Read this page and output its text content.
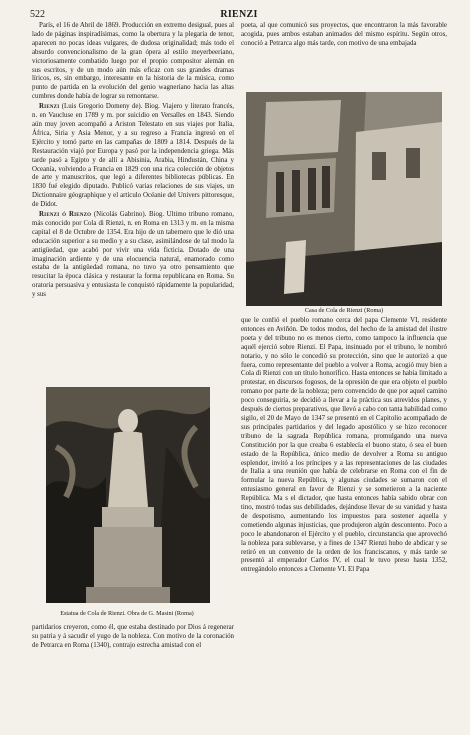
522	RIENZI

París, el 16 de Abril de 1869. Producción en extremo desigual, pues al lado de páginas inspiradísimas, como la obertura y la plegaria de tenor, aparecen no pocas ideas vulgares, de dudosa originalidad; más todo el absurdo convencionalismo de la gran ópera al estilo meyerbeeriano, victoriosamente combatido luego por el propio compositor alemán en sus escritos, y de un modo aún más eficaz con sus grandes dramas líricos, es, sin embargo, interesante en la historia de la música, como punto de partida en la evolución del genio wagneriano hacia las altas cumbres donde había de lograr su remontarse.

Rienzi (Luis Gregorio Domeny de). Biog. Viajero y literato francés, n. en Vaucluse en 1789 y m. por suicidio en Versalles en 1843. Siendo aún muy joven acompañó a Ariston Telestato en sus viajes por Italia, África, Siria y Asia Menor, y a su regreso a Francia ingresó en el Ejército y tomó parte en las campañas de 1809 a 1814. Después de la Restauración viajó por Europa y pasó por la independencia griega. Más tarde pasó a Egipto y de allí a Abisinia, Arabia, Hindustán, China y Oceanía, volviendo a Francia en 1829 con una rica colección de objetos de arte y manuscritos, que legó a diferentes bibliotecas públicas. En 1830 fué elegido diputado. Publicó varias relaciones de sus viajes, un Dictionnaire géographique y el artículo Océanie del Univers pittoresque, de Didot.

Rienzi ó Rienzo (Nicolás Gabrino). Biog. Ultimo tribuno romano, más conocido por Cola di Rienzi, n. en Roma en 1313 y m. en la misma capital el 8 de Octubre de 1354. Era hijo de un tabernero que le dió una educación superior a su medio y a su clase, asimilándose de tal modo la antigüedad, que acabó por vivir una vida ficticia. Dotado de una imaginación ardiente y de una elocuencia natural, enamorado como estaba de la antigüedad romana, no tuvo ya otro pensamiento que resucitar la época clásica y restaurar la forma republicana en Roma. Su oratoria persuasiva y entusiasta le conquistó rápidamente la popularidad, y sus

poeta, al que comunicó sus proyectos, que encontraron la más favorable acogida, pues ambos estaban animados del mismo espíritu. Según otros, conoció a Petrarca algo más tarde, con motivo de una embajada
Casa de Cola de Rienzi (Roma)

que le confió el pueblo romano cerca del papa Clemente VI, residente entonces en Aviñón. De todos modos, del hecho de la amistad del ilustre poeta y del tribuno no es menos cierto, como tampoco la influencia que aquél ejerció sobre Rienzi. El Papa, insinuado por el tribuno, le nombró notario, y no sólo le concedió su protección, sino que le autorizó a que fuera, como representante del pueblo a volver a Roma, acogió muy bien a Cola di Rienzi con un título honorífico. Hasta entonces se había limitado a protestar, en discursos fogosos, de la opresión de que era objeto el pueblo romano por parte de la nobleza; pero convencido de que por aquel camino poco conseguiría, se decidió a llevar a la práctica sus atrevidos planes, y después de ciertos preparativos, que llevó a cabo con tanta habilidad como sigilo, el 20 de Mayo de 1347 se presentó en el Capitolio acompañado de sus principales partidarios y del legado apostólico y se hizo reconocer tribuno de la sagrada República romana, promulgando una nueva Constitución por la que creaba 6 establecía el buono stato, ó sea el buen estado de la República, único medio de devolver a Roma su antiguo esplendor, invitó a los príncipes y a las representaciones de las ciudades de Italia a una reunión que había de celebrarse en Roma con el fin de formular la nueva República, y algunas ciudades se sumaron con el entusiasmo general en favor de Rienzi y se sometieron a la naciente República. Ma s el dictador, que hasta entonces había sabido obrar con tino, mostró todas sus debilidades, dejándose llevar de su vanidad y hasta de despotismo, aumentando los impuestos para sostener aquella y cometiendo algunas injusticias, que produjeron algún descontento. Poco a poco le abandonaron el Ejército y el pueblo, circunstancia que aprovechó la nobleza para sublevarse, y a fines de 1347 Rienzi hubo de abdicar y se retiró en un convento de la orden de los franciscanos, y más tarde se presentó al emperador Carlos IV, el cual le tuvo preso hasta 1352, entregándolo entonces a Clemente VI. El Papa

Estatua de Cola de Rienzi. Obra de G. Masini (Roma)

partidarios creyeron, como él, que estaba destinado por Dios á regenerar su patria y á sacudir el yugo de la nobleza. Con motivo de la coronación de Petrarca en Roma (1340), contrajo estrecha amistad con el
